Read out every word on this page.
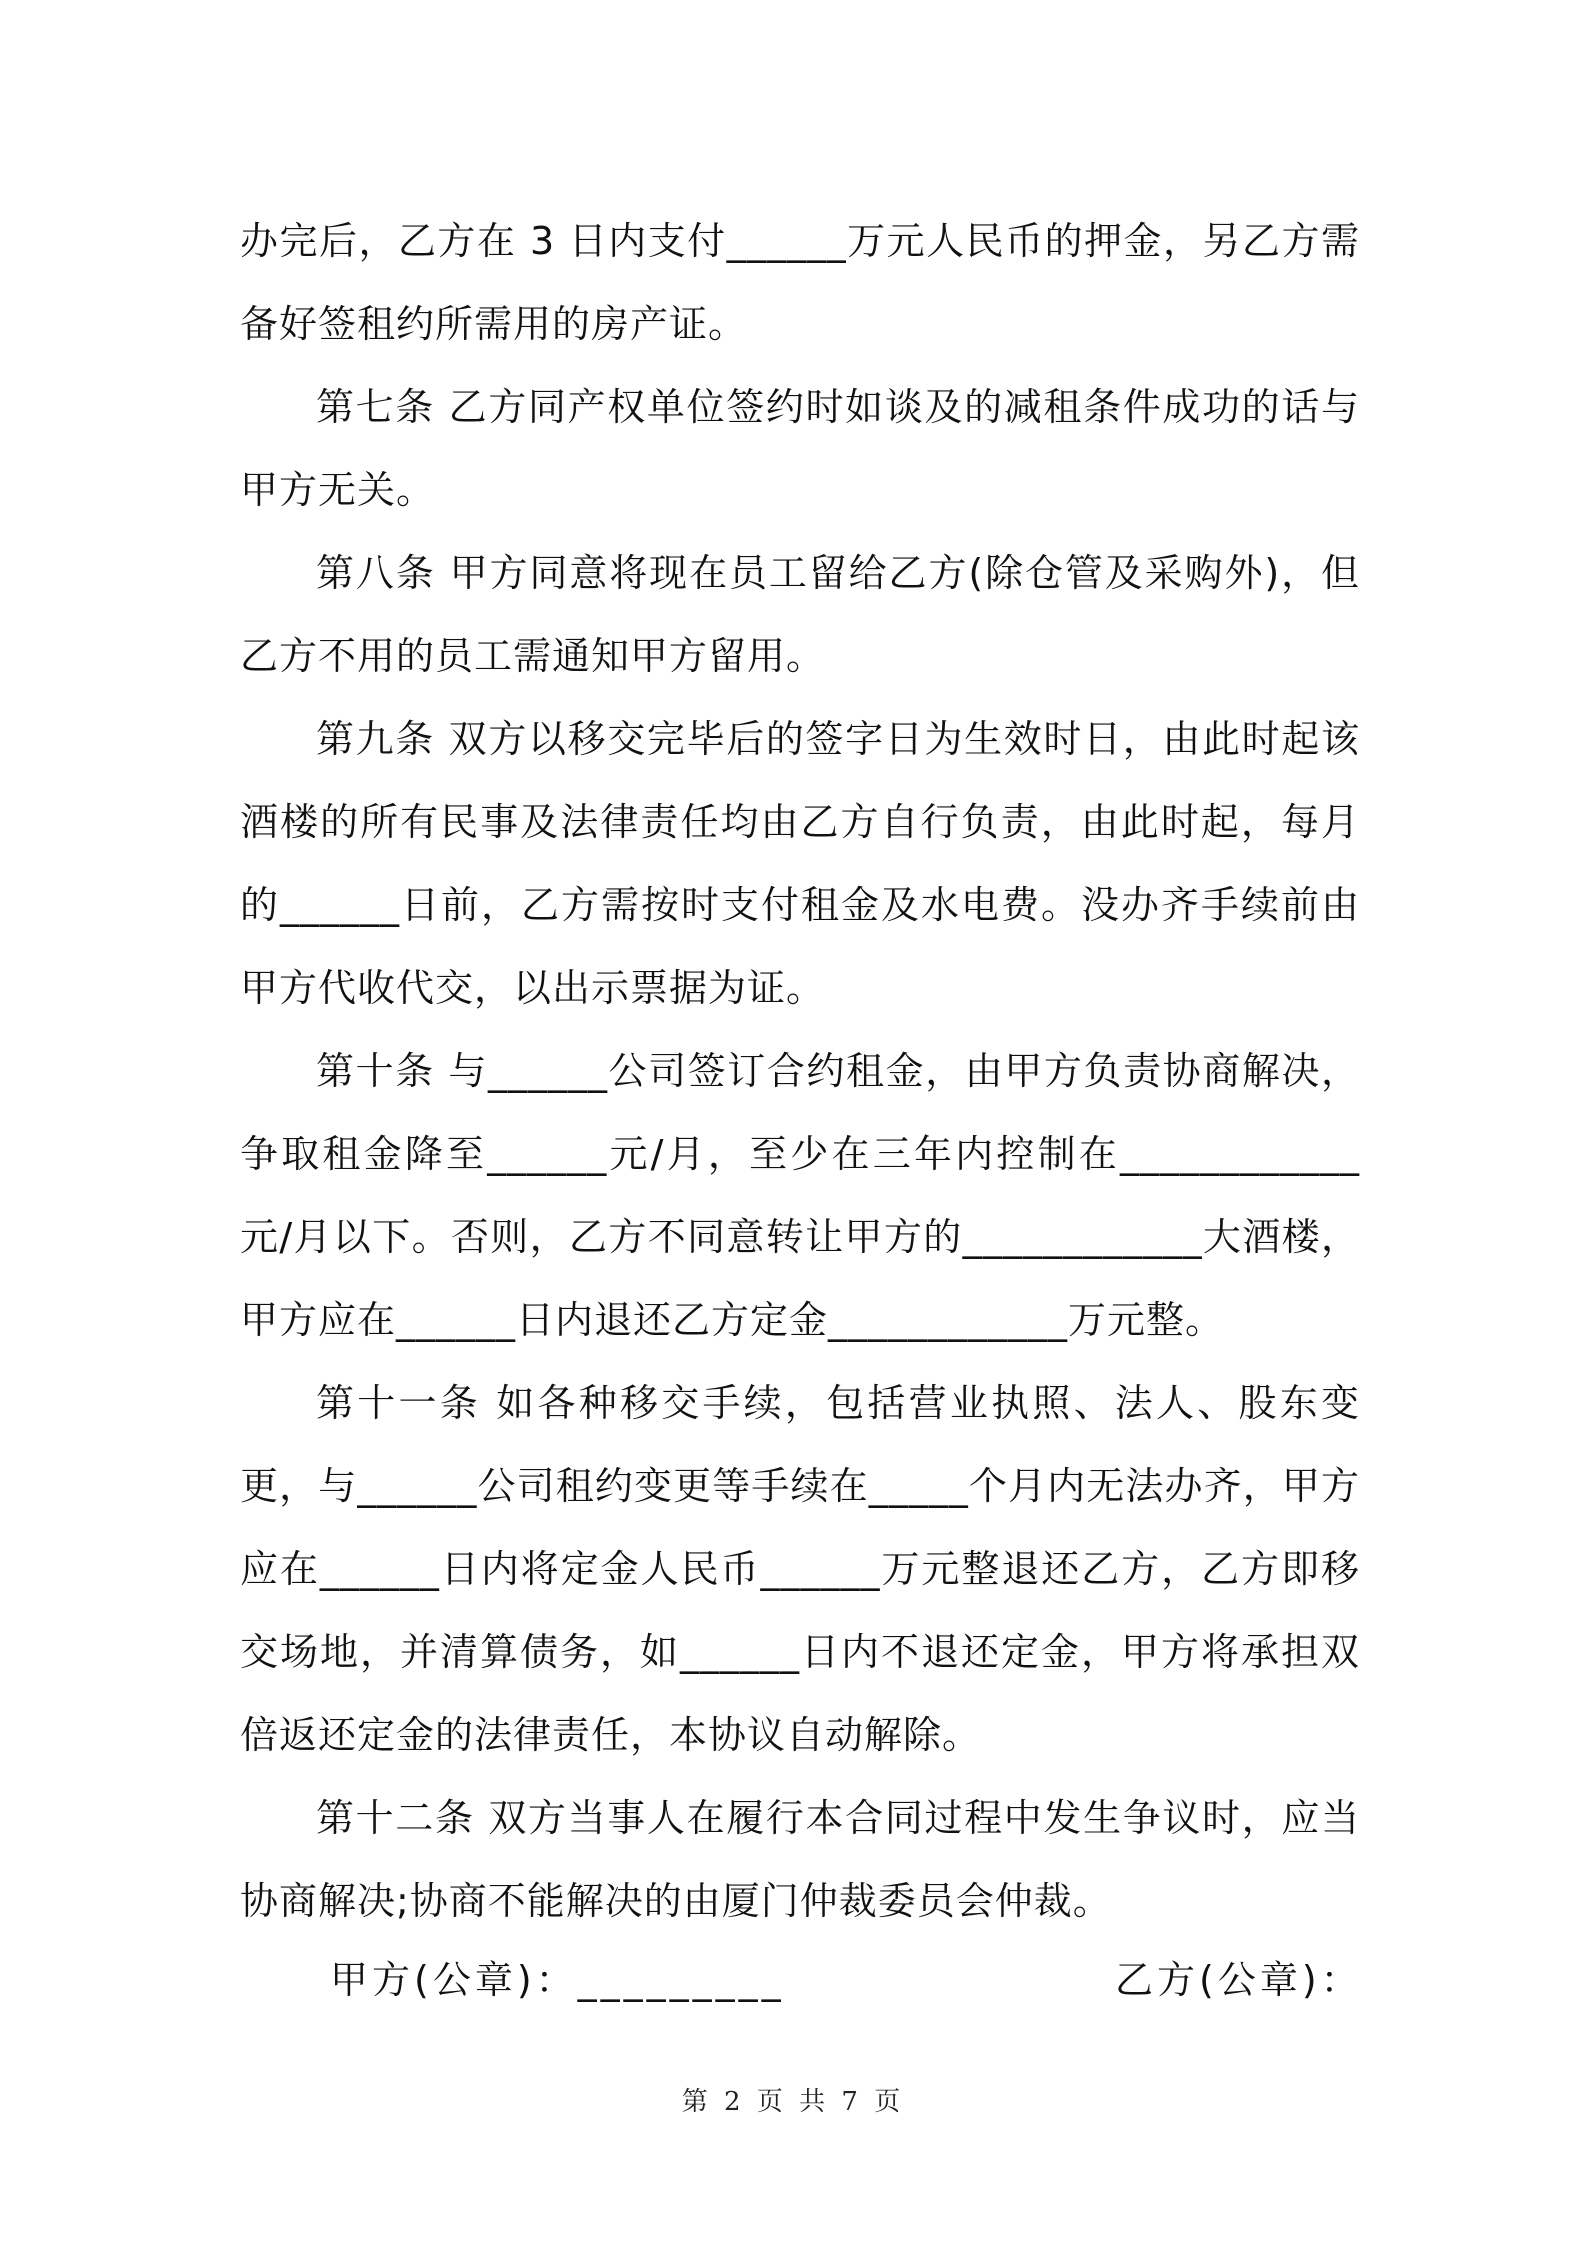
办完后，乙方在 3 日内支付______万元人民币的押金，另乙方需备好签租约所需用的房产证。

第七条 乙方同产权单位签约时如谈及的减租条件成功的话与甲方无关。

第八条 甲方同意将现在员工留给乙方(除仓管及采购外)，但乙方不用的员工需通知甲方留用。

第九条 双方以移交完毕后的签字日为生效时日，由此时起该酒楼的所有民事及法律责任均由乙方自行负责，由此时起，每月的______日前，乙方需按时支付租金及水电费。没办齐手续前由甲方代收代交，以出示票据为证。

第十条 与______公司签订合约租金，由甲方负责协商解决，争取租金降至______元/月，至少在三年内控制在____________元/月以下。否则，乙方不同意转让甲方的____________大酒楼，甲方应在______日内退还乙方定金____________万元整。

第十一条 如各种移交手续，包括营业执照、法人、股东变更，与______公司租约变更等手续在_____个月内无法办齐，甲方应在______日内将定金人民币______万元整退还乙方，乙方即移交场地，并清算债务，如______日内不退还定金，甲方将承担双倍返还定金的法律责任，本协议自动解除。

第十二条 双方当事人在履行本合同过程中发生争议时，应当协商解决;协商不能解决的由厦门仲裁委员会仲裁。

甲方(公章)：_________	乙方(公章)：
第 2 页 共 7 页
